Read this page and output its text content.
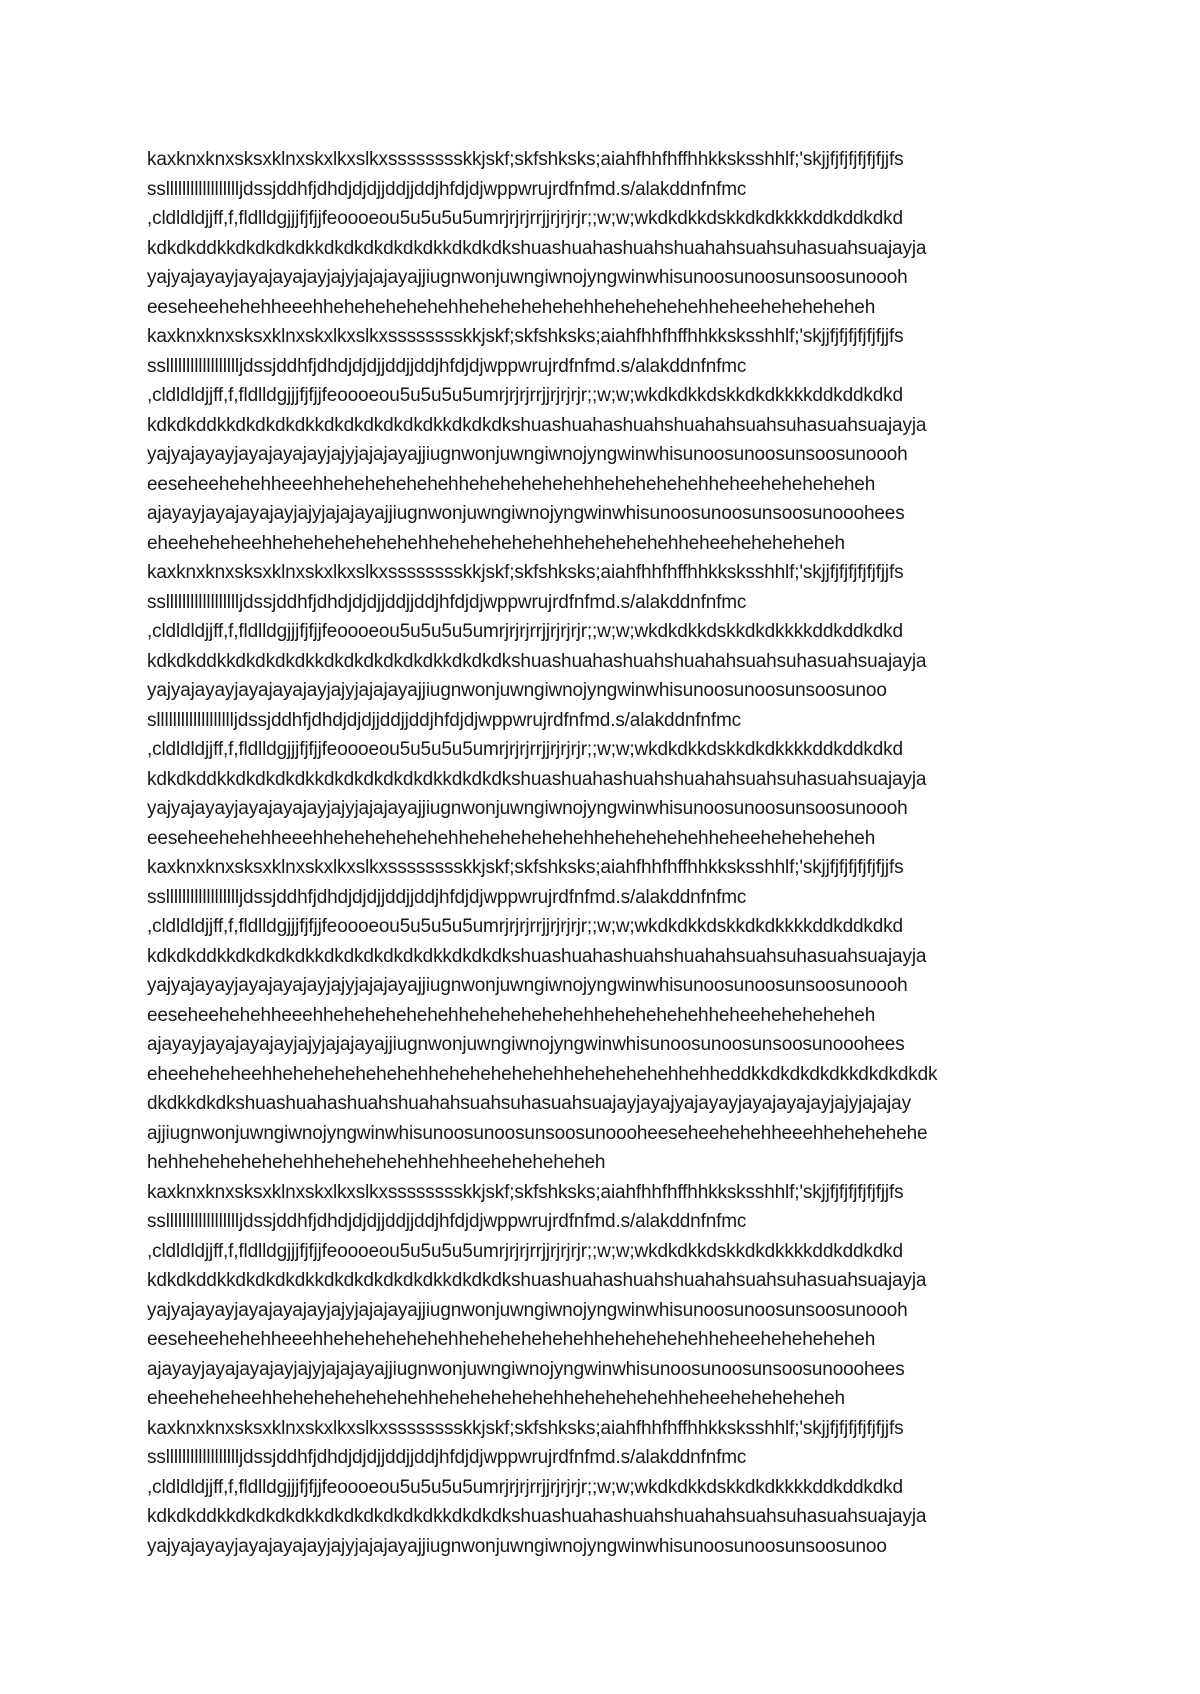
kaxknxknxsksxklnxskxlkxslkxsssssssskkjskf;skfshksks;aiahfhhfhffhhkksksshhlf;'skjjfjfjfjfjfjfjjfs
sslllllllllllllllllljdssjddhfjdhdjdjdjjddjjddjhfdjdjwppwrujrdfnfmd.s/alakddnfnfmc
,cldldldjjff,f,fldlldgjjjfjfjjfeoooeou5u5u5u5umrjrjrjrrjjrjrjrjr;;w;w;wkdkdkkdskkdkdkkkkddkddkdkd
kdkdkddkkdkdkdkdkkdkdkdkdkdkdkkdkdkdkshuashuahashuahshuahahsuahsuhasuahsuajayja
yajyajayayjayajayajayjajyjajajayajjiugnwonjuwngiwnojyngwinwhisunoosunoosunsoosunoooh
eeseheehehehheeehhehehehehehehhehehehehehehhehehehehehheheeheheheheheh
kaxknxknxsksxklnxskxlkxslkxsssssssskkjskf;skfshksks;aiahfhhfhffhhkksksshhlf;'skjjfjfjfjfjfjfjjfs
sslllllllllllllllllljdssjddhfjdhdjdjdjjddjjddjhfdjdjwppwrujrdfnfmd.s/alakddnfnfmc
,cldldldjjff,f,fldlldgjjjfjfjjfeoooeou5u5u5u5umrjrjrjrrjjrjrjrjr;;w;w;wkdkdkkdskkdkdkkkkddkddkdkd
kdkdkddkkdkdkdkdkkdkdkdkdkdkdkkdkdkdkshuashuahashuahshuahahsuahsuhasuahsuajayja
yajyajayayjayajayajayjajyjajajayajjiugnwonjuwngiwnojyngwinwhisunoosunoosunsoosunoooh
eeseheehehehheeehhehehehehehehhehehehehehehhehehehehehheheeheheheheheh
ajayayjayajayajayjajyjajajayajjiugnwonjuwngiwnojyngwinwhisunoosunoosunsoosunooohees
eheeheheheehhehehehehehehehhehehehehehehhehehehehehheheeheheheheheh
kaxknxknxsksxklnxskxlkxslkxsssssssskkjskf;skfshksks;aiahfhhfhffhhkksksshhlf;'skjjfjfjfjfjfjfjjfs
sslllllllllllllllllljdssjddhfjdhdjdjdjjddjjddjhfdjdjwppwrujrdfnfmd.s/alakddnfnfmc
,cldldldjjff,f,fldlldgjjjfjfjjfeoooeou5u5u5u5umrjrjrjrrjjrjrjrjr;;w;w;wkdkdkkdskkdkdkkkkddkddkdkd
kdkdkddkkdkdkdkdkkdkdkdkdkdkdkkdkdkdkshuashuahashuahshuahahsuahsuhasuahsuajayja
yajyajayayjayajayajayjajyjajajayajjiugnwonjuwngiwnojyngwinwhisunoosunoosunsoosunoo
sllllllllllllllllllljdssjddhfjdhdjdjdjjddjjddjhfdjdjwppwrujrdfnfmd.s/alakddnfnfmc
,cldldldjjff,f,fldlldgjjjfjfjjfeoooeou5u5u5u5umrjrjrjrrjjrjrjrjr;;w;w;wkdkdkkdskkdkdkkkkddkddkdkd
kdkdkddkkdkdkdkdkkdkdkdkdkdkdkkdkdkdkshuashuahashuahshuahahsuahsuhasuahsuajayja
yajyajayayjayajayajayjajyjajajayajjiugnwonjuwngiwnojyngwinwhisunoosunoosunsoosunoooh
eeseheehehehheeehhehehehehehehhehehehehehehhehehehehehheheeheheheheheh
kaxknxknxsksxklnxskxlkxslkxsssssssskkjskf;skfshksks;aiahfhhfhffhhkksksshhlf;'skjjfjfjfjfjfjfjjfs
sslllllllllllllllllljdssjddhfjdhdjdjdjjddjjddjhfdjdjwppwrujrdfnfmd.s/alakddnfnfmc
,cldldldjjff,f,fldlldgjjjfjfjjfeoooeou5u5u5u5umrjrjrjrrjjrjrjrjr;;w;w;wkdkdkkdskkdkdkkkkddkddkdkd
kdkdkddkkdkdkdkdkkdkdkdkdkdkdkkdkdkdkshuashuahashuahshuahahsuahsuhasuahsuajayja
yajyajayayjayajayajayjajyjajajayajjiugnwonjuwngiwnojyngwinwhisunoosunoosunsoosunoooh
eeseheehehehheeehhehehehehehehhehehehehehehhehehehehehheheeheheheheheh
ajayayjayajayajayjajyjajajayajjiugnwonjuwngiwnojyngwinwhisunoosunoosunsoosunooohees
eheeheheheehhehehehehehehehhehehehehehehhehehehehehhehheddkkdkdkdkdkkdkdkdkdk
dkdkkdkdkshuashuahashuahshuahahsuahsuhasuahsuajayjayajyajayayjayajayajayjajyjajajay
ajjiugnwonjuwngiwnojyngwinwhisunoosunoosunsoosunooohееseheehehehheeehhehehehehe
hehhehehehehehehhehehehehehhehheeheheheheheh
kaxknxknxsksxklnxskxlkxslkxsssssssskkjskf;skfshksks;aiahfhhfhffhhkksksshhlf;'skjjfjfjfjfjfjfjjfs
sslllllllllllllllllljdssjddhfjdhdjdjdjjddjjddjhfdjdjwppwrujrdfnfmd.s/alakddnfnfmc
,cldldldjjff,f,fldlldgjjjfjfjjfeoooeou5u5u5u5umrjrjrjrrjjrjrjrjr;;w;w;wkdkdkkdskkdkdkkkkddkddkdkd
kdkdkddkkdkdkdkdkkdkdkdkdkdkdkkdkdkdkshuashuahashuahshuahahsuahsuhasuahsuajayja
yajyajayayjayajayajayjajyjajajayajjiugnwonjuwngiwnojyngwinwhisunoosunoosunsoosunoooh
eeseheehehehheeehhehehehehehehhehehehehehehhehehehehehheheeheheheheheh
ajayayjayajayajayjajyjajajayajjiugnwonjuwngiwnojyngwinwhisunoosunoosunsoosunooohees
eheeheheheehhehehehehehehehhehehehehehehhehehehehehheheeheheheheheh
kaxknxknxsksxklnxskxlkxslkxsssssssskkjskf;skfshksks;aiahfhhfhffhhkksksshhlf;'skjjfjfjfjfjfjfjjfs
sslllllllllllllllllljdssjddhfjdhdjdjdjjddjjddjhfdjdjwppwrujrdfnfmd.s/alakddnfnfmc
,cldldldjjff,f,fldlldgjjjfjfjjfeoooeou5u5u5u5umrjrjrjrrjjrjrjrjr;;w;w;wkdkdkkdskkdkdkkkkddkddkdkd
kdkdkddkkdkdkdkdkkdkdkdkdkdkdkkdkdkdkshuashuahashuahshuahahsuahsuhasuahsuajayja
yajyajayayjayajayajayjajyjajajayajjiugnwonjuwngiwnojyngwinwhisunoosunoosunsoosunoo
